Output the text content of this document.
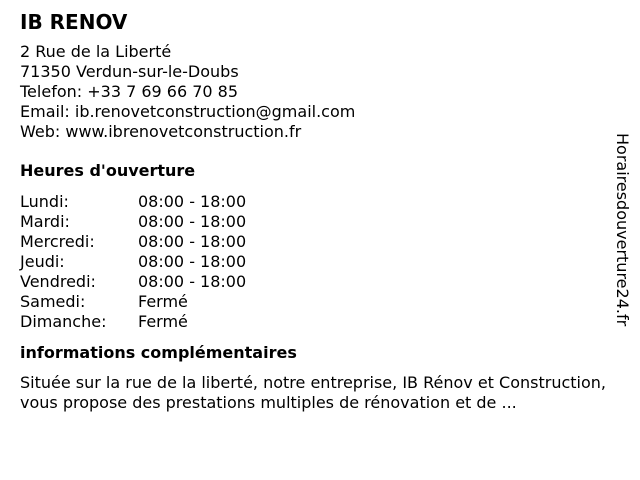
IB RENOV
2 Rue de la Liberté
71350 Verdun-sur-le-Doubs
Telefon: +33 7 69 66 70 85
Email: ib.renovetconstruction@gmail.com
Web: www.ibrenovetconstruction.fr
Heures d'ouverture
Lundi:	08:00 - 18:00
Mardi:	08:00 - 18:00
Mercredi:	08:00 - 18:00
Jeudi:	08:00 - 18:00
Vendredi:	08:00 - 18:00
Samedi:	Fermé
Dimanche: Fermé
informations complémentaires
Située sur la rue de la liberté, notre entreprise, IB Rénov et Construction, vous propose des prestations multiples de rénovation et de ...
Horairesdouverture24.fr
